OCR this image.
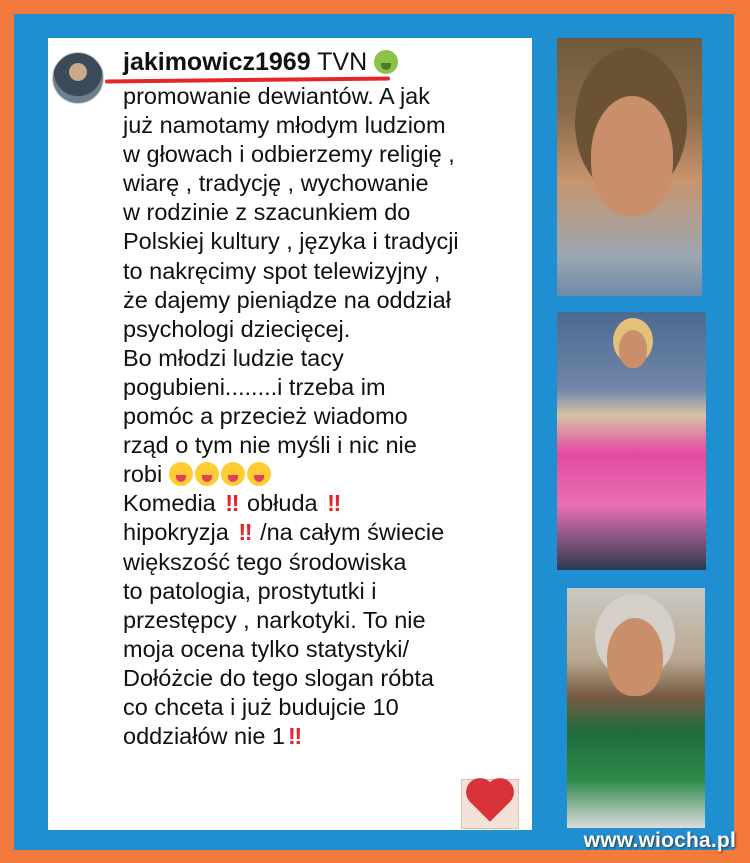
jakimowicz1969 TVN
promowanie dewiantów. A jak
już namotamy młodym ludziom
w głowach i odbierzemy religię ,
wiarę , tradycję , wychowanie
w rodzinie z szacunkiem do
Polskiej kultury , języka i tradycji
to nakręcimy spot telewizyjny ,
że dajemy pieniądze na oddział
psychologi dziecięcej.
Bo młodzi ludzie tacy
pogubieni........i trzeba im
pomóc a przecież wiadomo
rząd o tym nie myśli i nic nie
robi
Komedia ‼ obłuda ‼
hipokryzja ‼ /na całym świecie
większość tego środowiska
to patologia, prostytutki i
przestępcy , narkotyki. To nie
moja ocena tylko statystyki/
Dołóżcie do tego slogan róbta
co chceta i już budujcie 10
oddziałów nie 1 ‼
www.wiocha.pl
